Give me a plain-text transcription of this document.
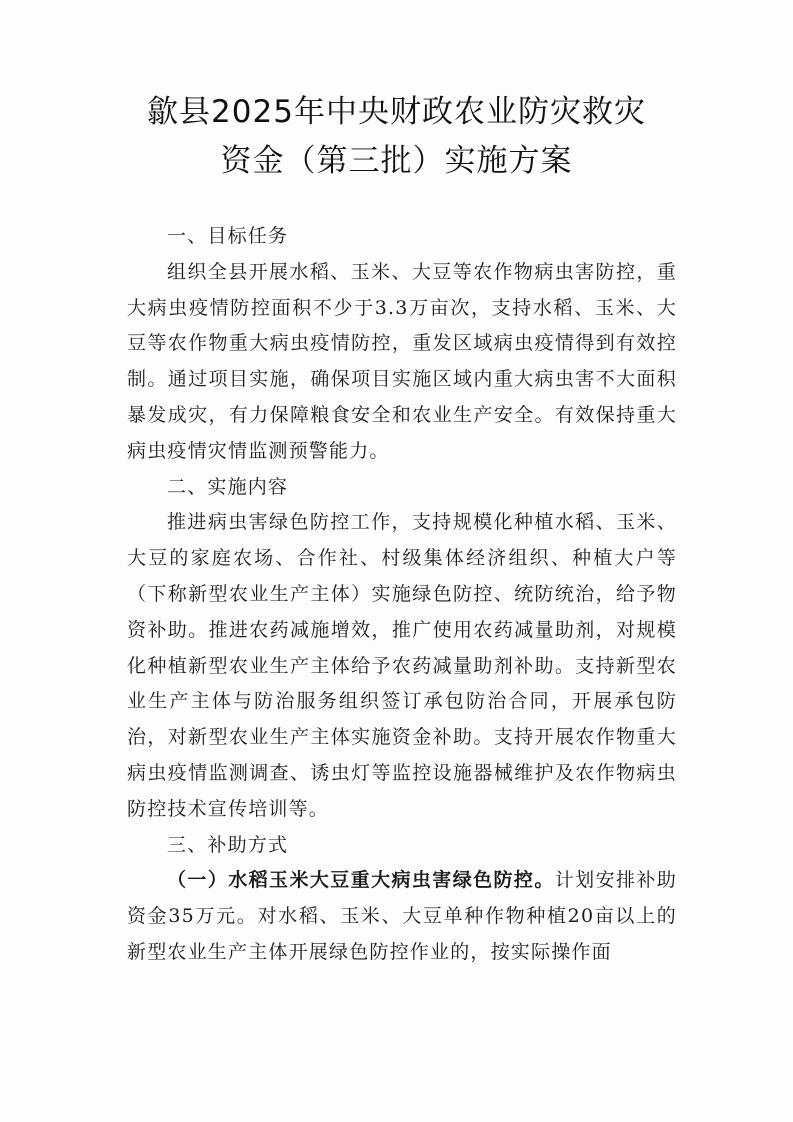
歙县2025年中央财政农业防灾救灾
资金（第三批）实施方案

一、目标任务

组织全县开展水稻、玉米、大豆等农作物病虫害防控，重大病虫疫情防控面积不少于3.3万亩次，支持水稻、玉米、大豆等农作物重大病虫疫情防控，重发区域病虫疫情得到有效控制。通过项目实施，确保项目实施区域内重大病虫害不大面积暴发成灾，有力保障粮食安全和农业生产安全。有效保持重大病虫疫情灾情监测预警能力。

二、实施内容

推进病虫害绿色防控工作，支持规模化种植水稻、玉米、大豆的家庭农场、合作社、村级集体经济组织、种植大户等（下称新型农业生产主体）实施绿色防控、统防统治，给予物资补助。推进农药减施增效，推广使用农药减量助剂，对规模化种植新型农业生产主体给予农药减量助剂补助。支持新型农业生产主体与防治服务组织签订承包防治合同，开展承包防治，对新型农业生产主体实施资金补助。支持开展农作物重大病虫疫情监测调查、诱虫灯等监控设施器械维护及农作物病虫防控技术宣传培训等。

三、补助方式

（一）水稻玉米大豆重大病虫害绿色防控。计划安排补助资金35万元。对水稻、玉米、大豆单种作物种植20亩以上的新型农业生产主体开展绿色防控作业的，按实际操作面
